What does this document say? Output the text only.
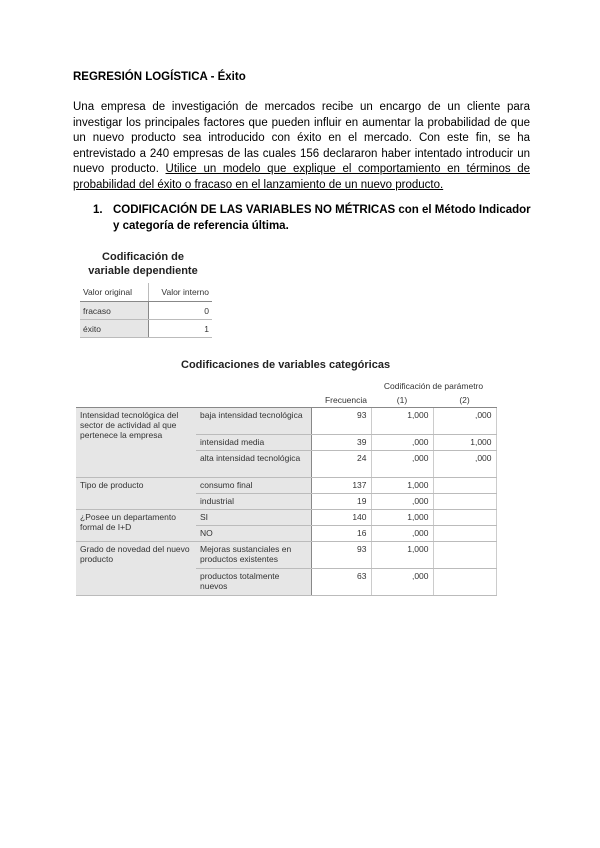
REGRESIÓN LOGÍSTICA - Éxito
Una empresa de investigación de mercados recibe un encargo de un cliente para investigar los principales factores que pueden influir en aumentar la probabilidad de que un nuevo producto sea introducido con éxito en el mercado. Con este fin, se ha entrevistado a 240 empresas de las cuales 156 declararon haber intentado introducir un nuevo producto. Utilice un modelo que explique el comportamiento en términos de probabilidad del éxito o fracaso en el lanzamiento de un nuevo producto.
1. CODIFICACIÓN DE LAS VARIABLES NO MÉTRICAS con el Método Indicador y categoría de referencia última.
Codificación de
variable dependiente
Valor original	Valor interno
fracaso	0
éxito	1
Codificaciones de variables categóricas
			Codificación de parámetro	
		Frecuencia	(1)	(2)
Intensidad tecnológica del sector de actividad al que pertenece la empresa	baja intensidad tecnológica	93	1,000	,000
	intensidad media	39	,000	1,000
	alta intensidad tecnológica	24	,000	,000
Tipo de producto	consumo final	137	1,000	
	industrial	19	,000	
¿Posee un departamento formal de I+D	SI	140	1,000	
	NO	16	,000	
Grado de novedad del nuevo producto	Mejoras sustanciales en productos existentes	93	1,000	
	productos totalmente nuevos	63	,000	
